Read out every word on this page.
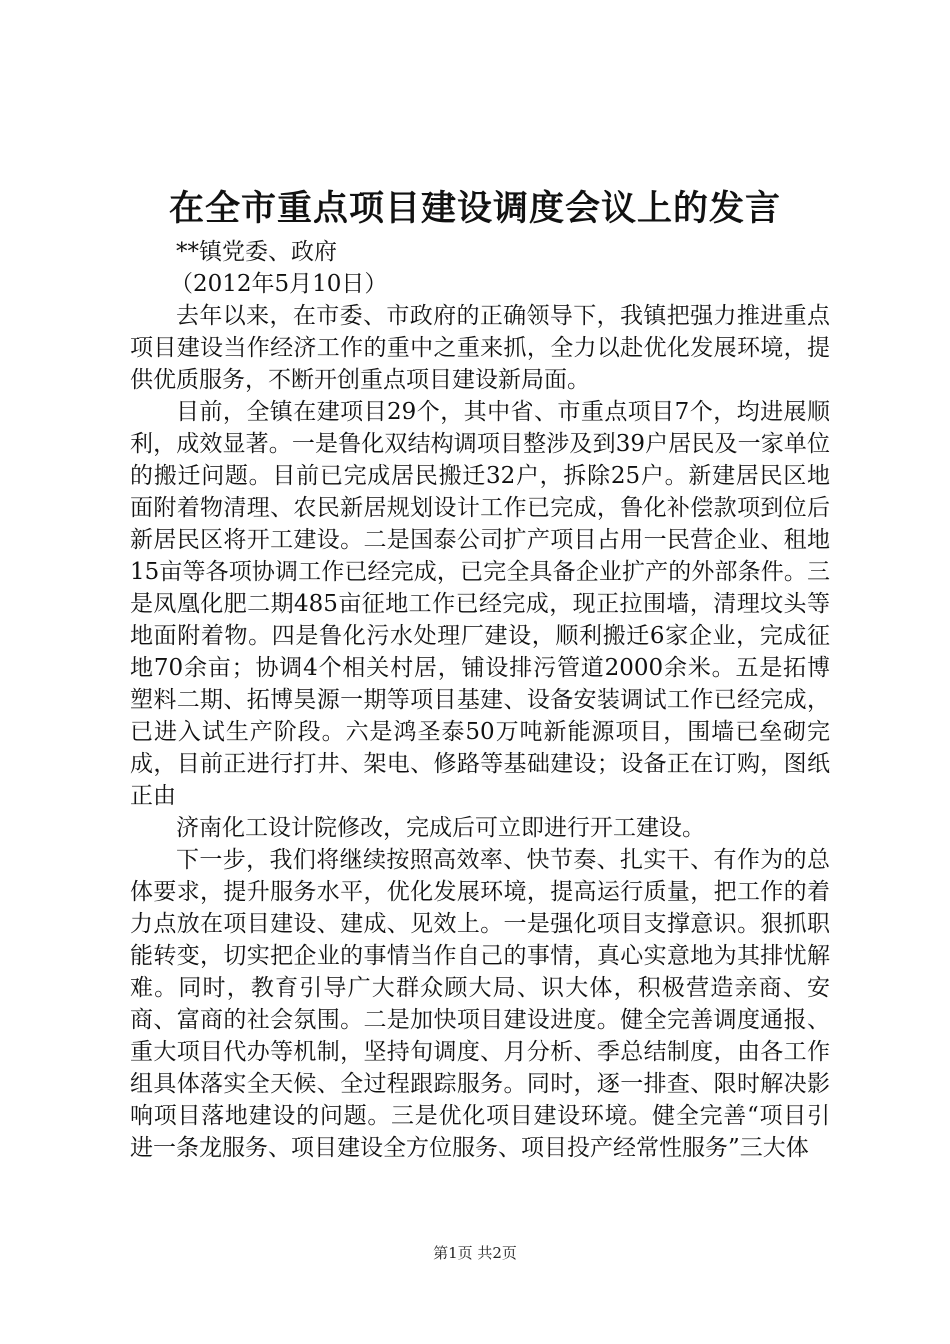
在全市重点项目建设调度会议上的发言

**镇党委、政府

（2012年5月10日）

去年以来，在市委、市政府的正确领导下，我镇把强力推进重点项目建设当作经济工作的重中之重来抓，全力以赴优化发展环境，提供优质服务，不断开创重点项目建设新局面。

目前，全镇在建项目29个，其中省、市重点项目7个，均进展顺利，成效显著。一是鲁化双结构调项目整涉及到39户居民及一家单位的搬迁问题。目前已完成居民搬迁32户，拆除25户。新建居民区地面附着物清理、农民新居规划设计工作已完成，鲁化补偿款项到位后新居民区将开工建设。二是国泰公司扩产项目占用一民营企业、租地15亩等各项协调工作已经完成，已完全具备企业扩产的外部条件。三是凤凰化肥二期485亩征地工作已经完成，现正拉围墙，清理坟头等地面附着物。四是鲁化污水处理厂建设，顺利搬迁6家企业，完成征地70余亩；协调4个相关村居，铺设排污管道2000余米。五是拓博塑料二期、拓博昊源一期等项目基建、设备安装调试工作已经完成，已进入试生产阶段。六是鸿圣泰50万吨新能源项目，围墙已垒砌完成，目前正进行打井、架电、修路等基础建设；设备正在订购，图纸正由

济南化工设计院修改，完成后可立即进行开工建设。

下一步，我们将继续按照高效率、快节奏、扎实干、有作为的总体要求，提升服务水平，优化发展环境，提高运行质量，把工作的着力点放在项目建设、建成、见效上。一是强化项目支撑意识。狠抓职能转变，切实把企业的事情当作自己的事情，真心实意地为其排忧解难。同时，教育引导广大群众顾大局、识大体，积极营造亲商、安商、富商的社会氛围。二是加快项目建设进度。健全完善调度通报、重大项目代办等机制，坚持旬调度、月分析、季总结制度，由各工作组具体落实全天候、全过程跟踪服务。同时，逐一排查、限时解决影响项目落地建设的问题。三是优化项目建设环境。健全完善“项目引进一条龙服务、项目建设全方位服务、项目投产经常性服务”三大体

第1页 共2页
